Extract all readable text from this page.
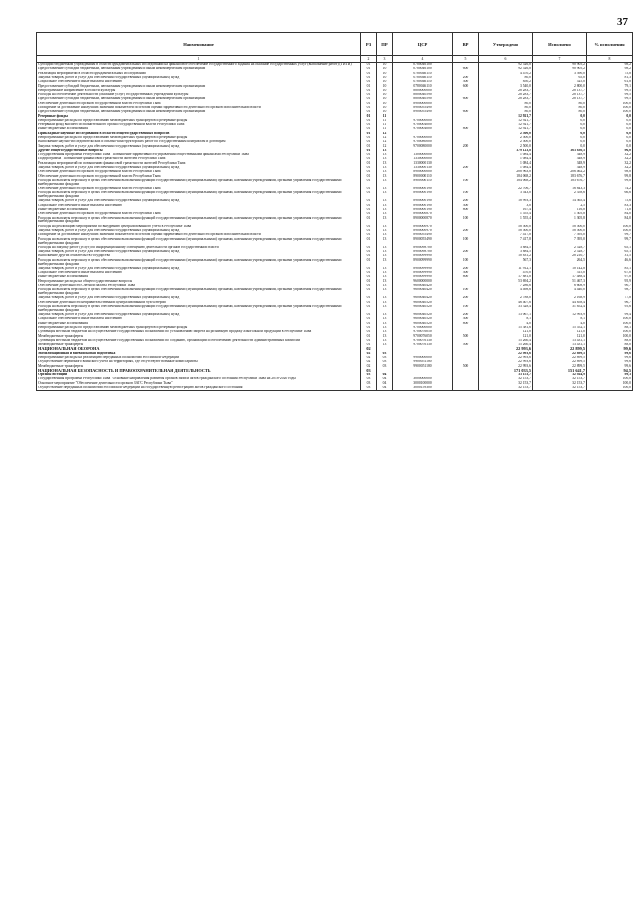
37
Наименование	РЗ	ПР	ЦСР	ВР	Утверждено	Исполнено	% исполнения
1	2	3	4	5	6	7	8
Субсидии бюджетным учреждениям в области фундаментальных исследований на финансовое обеспечение государственного задания на оказание государственных услуг (выполнение работ) (ГИТИ)	01	10	0780046100		92 526,8	90 905,2	98,2
Предоставление субсидий бюджетным, автономным учреждениям и иным некоммерческим организациям	01	10	0780046100	600	92 526,8	90 905,2	98,2
Реализация мероприятий в области фундаментальных исследований	01	10	0780046110		4 470,2	3 390,0	75,8
Закупка товаров, работ и услуг для обеспечения государственных (муниципальных) нужд	01	10	0780046110	200	80,0	65,0	81,3
Социальное обеспечение и иные выплаты населению	01	10	0780046110	300	850,2	525,0	61,8
Предоставление субсидий бюджетным, автономным учреждениям и иным некоммерческим организациям	01	10	0780046110	600	3 540,0	2 800,0	79,1
Непрограммное направление в области культуры	01	10	8800000000		28 283,7	28 137,7	99,5
Расходы на обеспечение деятельности (оказание услуг) государственных учреждений культуры	01	10	8800040590		28 283,7	28 137,7	99,5
Предоставление субсидий бюджетным, автономным учреждениям и иным некоммерческим организациям	01	10	8800040590	600	28 283,7	28 137,7	99,5
Обеспечение деятельности органов государственной власти Республики Тыва	01	10	8900000000		80,0	80,0	100,0
Поощрение за достижение наилучших значений показателей по итогам оценки эффективности деятельности органов исполнительной власти	01	10	8900055490		80,0	80,0	100,0
Предоставление субсидий бюджетным, автономным учреждениям и иным некоммерческим организациям	01	10	8900055490	600	80,0	80,0	100,0
Резервные фонды	01	11			12 921,7	0,0	0,0
Непрограммные расходы по предоставлению межбюджетных трансфертов и резервные фонды	01	11	9700000000		12 921,7	0,0	0,0
Резервный фонд высшего исполнительного органа государственной власти Республики Тыва	01	11	9700004000		12 921,7	0,0	0,0
Иные бюджетные ассигнования	01	11	9700004000	800	12 921,7	0,0	0,0
Прикладные научные исследования в области общегосударственных вопросов	01	12			2 500,0	0,0	0,0
Непрограммные расходы по предоставлению межбюджетных трансфертов и резервные фонды	01	12	9700000000		2 500,0	0,0	0,0
Выполнение научно-исследовательских и опытно-конструкторских работ по государственным контрактам и договорам	01	12	9700080000		2 500,0	0,0	0,0
Закупка товаров, работ и услуг для обеспечения государственных (муниципальных) нужд	01	12	9700080000	200	2 500,0	0,0	0,0
Другие общегосударственные вопросы	01	13			379 123,8	363 830,5	96,0
Государственная программа Республики Тыва "Повышение эффективности управления общественными финансами Республики Тыва"	01	13	1300000000		1 084,4	348,9	32,2
Подпрограмма "Повышение финансовой грамотности жителей Республики Тыва"	01	13	1330000000		1 084,4	348,9	32,2
Реализация мероприятий по повышению финансовой грамотности жителей Республики Тыва	01	13	1330000130		1 084,4	348,9	32,2
Закупка товаров, работ и услуг для обеспечения государственных (муниципальных) нужд	01	13	1330000130	200	1 084,4	348,9	32,2
Обеспечение деятельности органов государственной власти Республики Тыва	01	13	8900000000		208 963,8	206 462,2	98,8
Обеспечение деятельности органов государственной власти Республики Тыва	01	13	8900000110		184 068,2	183 676,7	99,8
Расходы на выплаты персоналу в целях обеспечения выполнения функций государственными (муниципальными) органами, казенными учреждениями, органами управления государственными внебюджетными фондами	01	13	8900000110	100	184 068,2	183 676,7	99,8
Обеспечение деятельности органов государственной власти Республики Тыва	01	13	8900000190		22 706,7	16 843,3	74,2
Расходы на выплаты персоналу в целях обеспечения выполнения функций государственными (муниципальными) органами, казенными учреждениями, органами управления государственными внебюджетными фондами	01	13	8900000190	100	3 543,0	2 358,6	66,6
Закупка товаров, работ и услуг для обеспечения государственных (муниципальных) нужд	01	13	8900000190	200	18 993,3	14 365,4	75,6
Социальное обеспечение и иные выплаты населению	01	13	8900000190	300	3,0	2,5	83,3
Иные бюджетные ассигнования	01	13	8900000190	800	167,4	116,8	71,0
Обеспечение деятельности органов государственной власти Республики Тыва	01	13	8900000870		1 555,4	1 305,8	84,0
Расходы на выплаты персоналу в целях обеспечения выполнения функций государственными (муниципальными) органами, казенными учреждениями, органами управления государственными внебюджетными фондами	01	13	8900000870	100	1 555,4	1 305,8	84,0
Расходы на реализацию мероприятий по внедрению централизованного учета в Республике Тыва	01	13	8900000970		58 500,0	58 500,0	100,0
Закупка товаров, работ и услуг для обеспечения государственных (муниципальных) нужд	01	13	8900000970	200	58 500,0	58 500,0	100,0
Поощрение за достижение наилучших значений показателей по итогам оценки эффективности деятельности органов исполнительной власти	01	13	8900055490		7 417,8	7 395,0	99,7
Расходы на выплаты персоналу в целях обеспечения выполнения функций государственными (муниципальными) органами, казенными учреждениями, органами управления государственными внебюджетными фондами	01	13	8900055490	100	7 417,8	7 395,0	99,7
Расходы на закупку работ (услуг) по информационному освещению деятельности органов государственной власти	01	13	8900098700		3 884,5	2 528,7	65,1
Закупка товаров, работ и услуг для обеспечения государственных (муниципальных) нужд	01	13	8900098700	200	3 884,5	2 528,7	65,1
Выполнение других обязательств государства	01	13	8900099990		10 831,2	28 210,7	31,5
Расходы на выплаты персоналу в целях обеспечения выполнения функций государственными (муниципальными) органами, казенными учреждениями, органами управления государственными внебюджетными фондами	01	13	8900099990	100	567,3	264,5	46,6
Закупка товаров, работ и услуг для обеспечения государственных (муниципальных) нужд	01	13	8900099990	200	11 912,1	10 142,8	85,1
Социальное обеспечение и иные выплаты населению	01	13	8900099990	300	470,0	315,0	67,0
Иные бюджетные ассигнования	01	13	8900099990	800	17 881,8	17 488,4	97,8
Непрограммные расходы на общегосударственные вопросы	01	13	9600000000		53 694,2	51 467,3	95,9
Обеспечение деятельности Счетной палаты Республики Тыва	01	13	9600040420		7 286,6	6 608,9	90,7
Расходы на выплаты персоналу в целях обеспечения выполнения функций государственными (муниципальными) органами, казенными учреждениями, органами управления государственными внебюджетными фондами	01	13	9600040420	100	4 498,6	4 440,0	98,7
Закупка товаров, работ и услуг для обеспечения государственных (муниципальных) нужд	01	13	9600040420	200	2 788,0	2 168,9	77,8
Обеспечение деятельности неправительственной централизованной бухгалтерии	01	13	9600040520		46 407,6	44 858,4	96,7
Расходы на выплаты персоналу в целях обеспечения выполнения функций государственными (муниципальными) органами, казенными учреждениями, органами управления государственными внебюджетными фондами	01	13	9600040520	100	33 328,4	31 852,4	95,6
Закупка товаров, работ и услуг для обеспечения государственных (муниципальных) нужд	01	13	9600040520	200	13 067,1	12 993,9	99,4
Социальное обеспечение и иные выплаты населению	01	13	9600040520	300	8,1	8,1	100,0
Иные бюджетные ассигнования	01	13	9600040520	800	4,0	4,0	100,0
Непрограммные расходы по предоставлению межбюджетных трансфертов и резервные фонды	01	13	9700000000		15 381,6	15 552,1	88,1
Субвенция местным бюджетам на осуществление государственных полномочий по установлению запрета на розничную продажу алкогольной продукции в Республике Тыва	01	13	9700076050		121,0	121,0	100,0
Межбюджетные трансферты	01	13	9700076050	500	121,0	121,0	100,0
Субвенция местным бюджетам на осуществление государственных полномочий по созданию, организации и обеспечению деятельности административных комиссий	01	13	9700076130		15 260,4	13 431,1	88,0
Межбюджетные трансферты	01	13	9700076130	500	15 260,4	13 431,1	88,0
НАЦИОНАЛЬНАЯ ОБОРОНА	02				22 993,6	22 899,5	99,6
Мобилизационная и вневойсковая подготовка	02	03			22 993,6	22 899,5	99,6
Непрограммные расходы на реализацию переданных полномочий Российской Федерации	02	03	9900000000		22 993,6	22 899,5	99,6
Осуществление первичного воинского учета на территориях, где отсутствуют военные комиссариаты	02	03	9900051180		22 993,6	22 899,5	99,6
Межбюджетные трансферты	02	03	9900051180	500	22 993,6	22 899,5	99,6
НАЦИОНАЛЬНАЯ БЕЗОПАСНОСТЬ И ПРАВООХРАНИТЕЛЬНАЯ ДЕЯТЕЛЬНОСТЬ	03				171 033,5	151 641,7	94,5
Органы юстиции	03	04			33 153,7	32 924,9	99,3
Государственная программа Республики Тыва "Основные направления развития органов записи актов гражданского состояния Республики Тыва на 2018-2020 годы"	03	04	3000000000		32 153,7	32 153,7	100,0
Основное мероприятие "Обеспечение деятельности органов ЗАГС Республики Тыва"	03	04	3000100000		32 153,7	32 153,7	100,0
Осуществление переданных полномочий Российской Федерации на государственную регистрацию актов гражданского состояния	03	04	3000159300		32 153,7	32 153,7	100,0
